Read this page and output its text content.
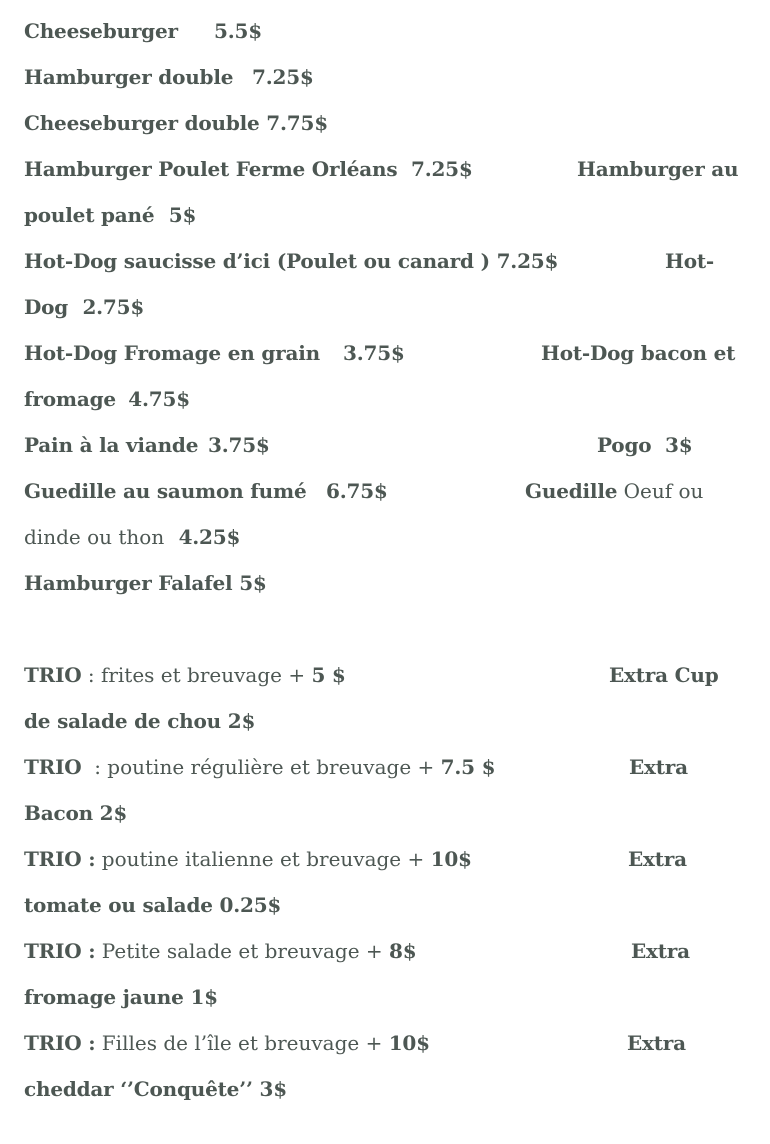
Cheeseburger 5.5$
Hamburger double 7.25$
Cheeseburger double 7.75$
Hamburger Poulet Ferme Orléans  7.25$	Hamburger au
poulet pané 5$
Hot-Dog saucisse d’ici (Poulet ou canard ) 7.25$	Hot-
Dog 2.75$
Hot-Dog Fromage en grain 3.75$	Hot-Dog bacon et
fromage 4.75$
Pain à la viande 3.75$	Pogo 3$
Guedille au saumon fumé 6.75$	Guedille Oeuf ou
dinde ou thon 4.25$
Hamburger Falafel 5$
TRIO : frites et breuvage + 5 $	Extra Cup
de salade de chou 2$
TRIO  : poutine régulière et breuvage + 7.5 $	Extra
Bacon 2$
TRIO : poutine italienne et breuvage + 10$	Extra
tomate ou salade 0.25$
TRIO : Petite salade et breuvage + 8$	Extra
fromage jaune 1$
TRIO : Filles de l’île et breuvage + 10$	Extra
cheddar ‘’Conquête’’ 3$
